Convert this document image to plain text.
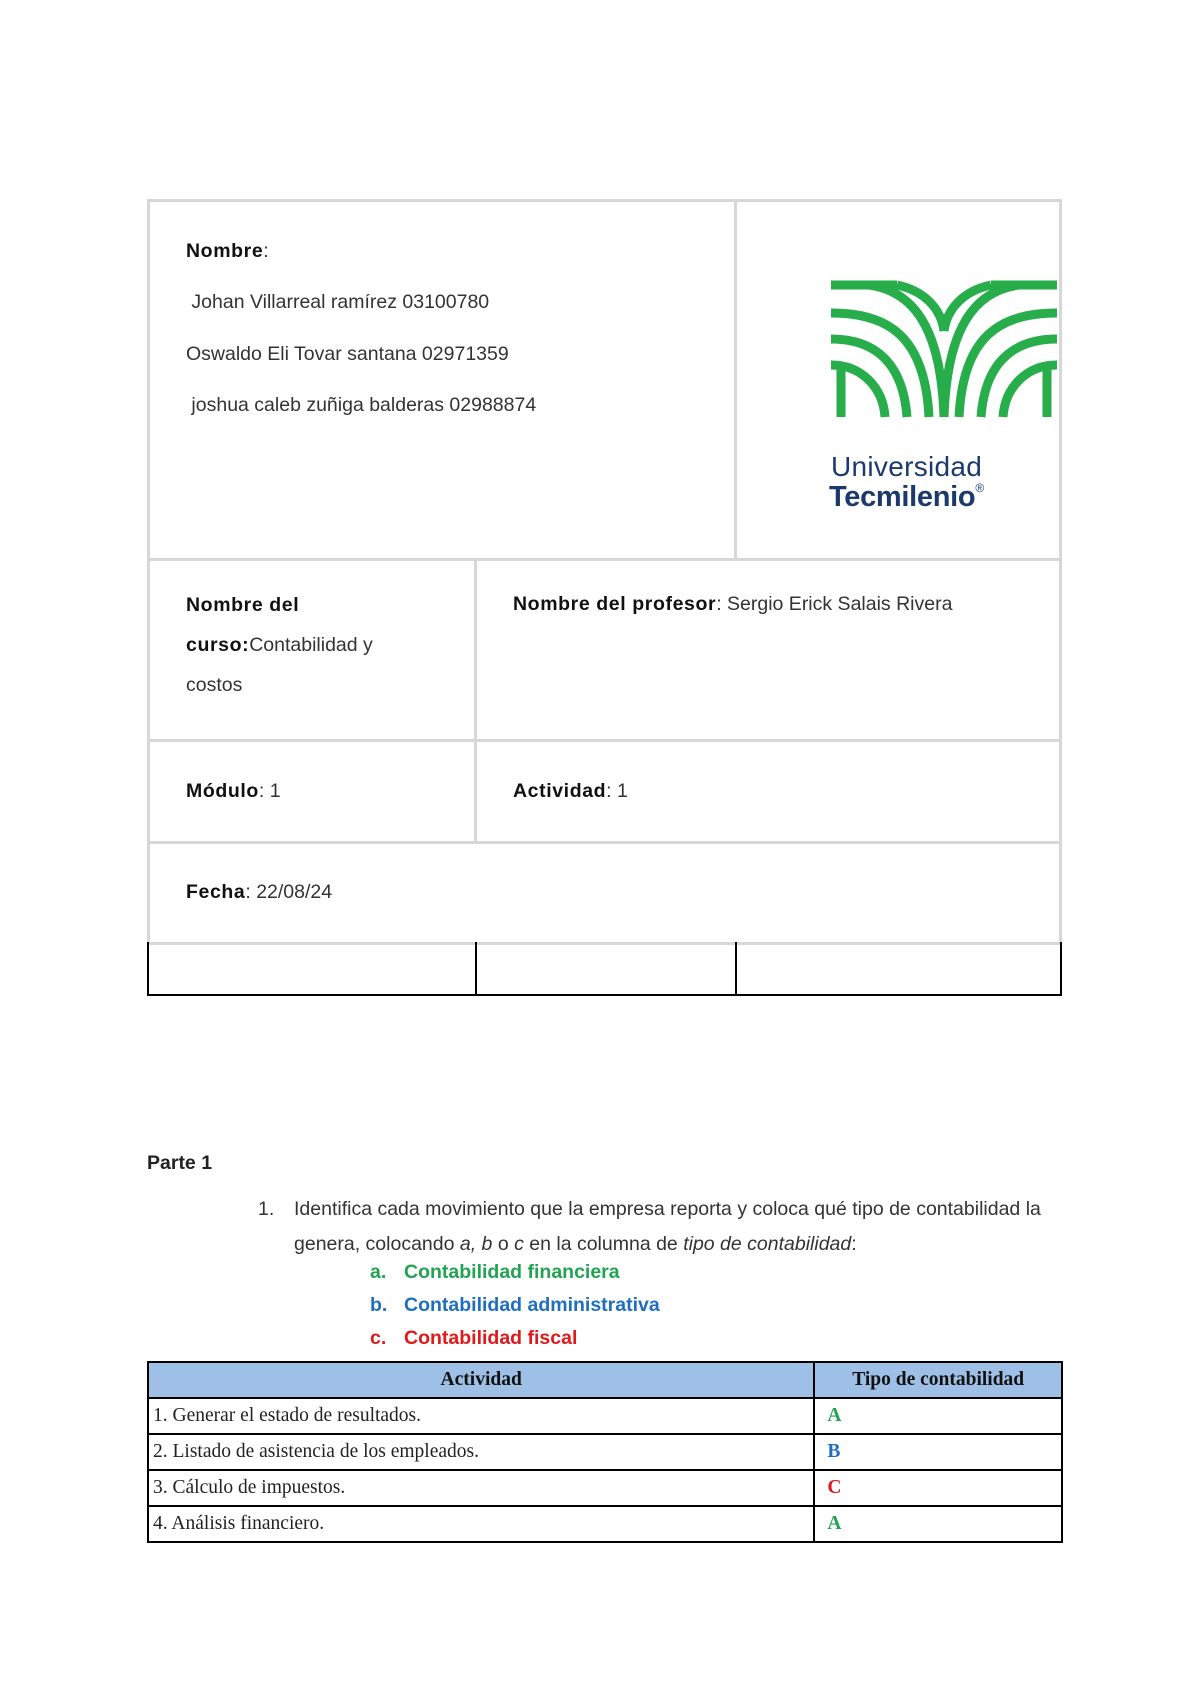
Nombre:
Johan Villarreal ramírez 03100780
Oswaldo Eli Tovar santana 02971359
joshua caleb zuñiga balderas 02988874
Universidad
Tecmilenio®
Nombre del
curso:Contabilidad y
costos
Nombre del profesor: Sergio Erick Salais Rivera
Módulo: 1	Actividad: 1
Fecha: 22/08/24
Parte 1
1.	Identifica cada movimiento que la empresa reporta y coloca qué tipo de contabilidad la genera, colocando a, b o c en la columna de tipo de contabilidad:
a. Contabilidad financiera
b. Contabilidad administrativa
c. Contabilidad fiscal
Actividad	Tipo de contabilidad
1. Generar el estado de resultados.	A
2. Listado de asistencia de los empleados.	B
3. Cálculo de impuestos.	C
4. Análisis financiero.	A
